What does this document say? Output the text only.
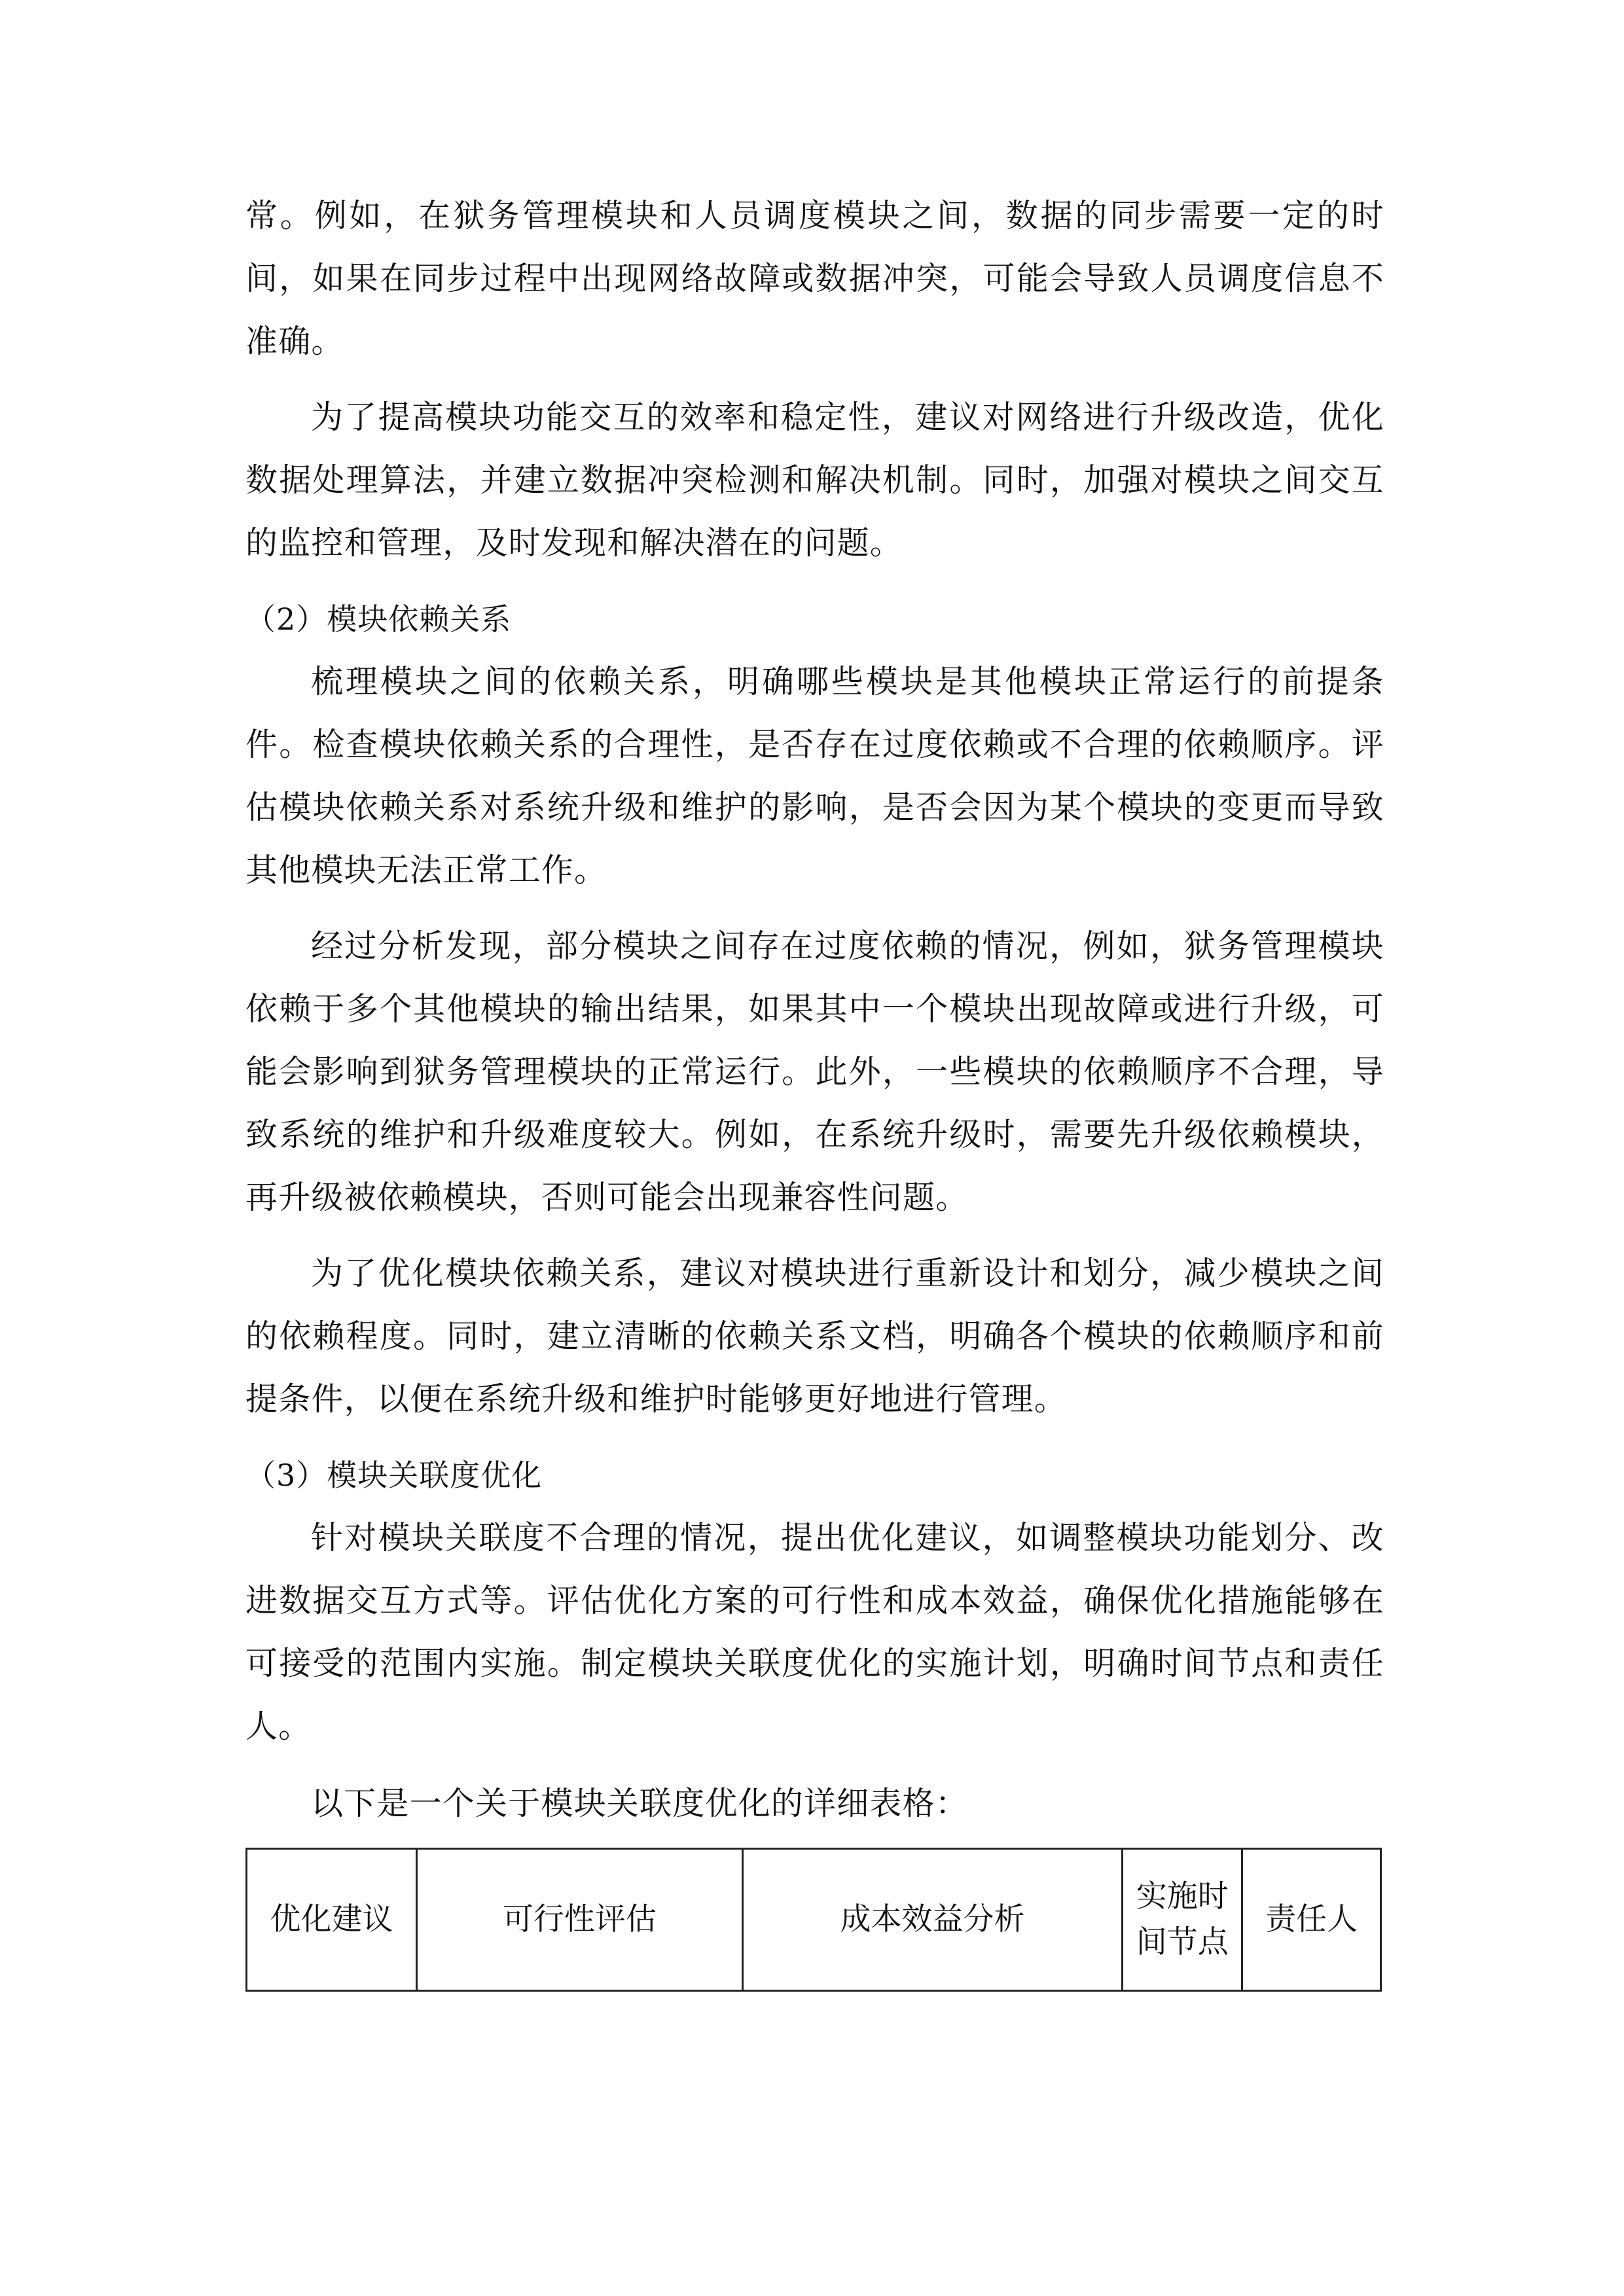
常。例如，在狱务管理模块和人员调度模块之间，数据的同步需要一定的时间，如果在同步过程中出现网络故障或数据冲突，可能会导致人员调度信息不准确。

为了提高模块功能交互的效率和稳定性，建议对网络进行升级改造，优化数据处理算法，并建立数据冲突检测和解决机制。同时，加强对模块之间交互的监控和管理，及时发现和解决潜在的问题。

（2）模块依赖关系

梳理模块之间的依赖关系，明确哪些模块是其他模块正常运行的前提条件。检查模块依赖关系的合理性，是否存在过度依赖或不合理的依赖顺序。评估模块依赖关系对系统升级和维护的影响，是否会因为某个模块的变更而导致其他模块无法正常工作。

经过分析发现，部分模块之间存在过度依赖的情况，例如，狱务管理模块依赖于多个其他模块的输出结果，如果其中一个模块出现故障或进行升级，可能会影响到狱务管理模块的正常运行。此外，一些模块的依赖顺序不合理，导致系统的维护和升级难度较大。例如，在系统升级时，需要先升级依赖模块，再升级被依赖模块，否则可能会出现兼容性问题。

为了优化模块依赖关系，建议对模块进行重新设计和划分，减少模块之间的依赖程度。同时，建立清晰的依赖关系文档，明确各个模块的依赖顺序和前提条件，以便在系统升级和维护时能够更好地进行管理。

（3）模块关联度优化

针对模块关联度不合理的情况，提出优化建议，如调整模块功能划分、改进数据交互方式等。评估优化方案的可行性和成本效益，确保优化措施能够在可接受的范围内实施。制定模块关联度优化的实施计划，明确时间节点和责任人。

以下是一个关于模块关联度优化的详细表格：

优化建议	可行性评估	成本效益分析	实施时间节点	责任人
